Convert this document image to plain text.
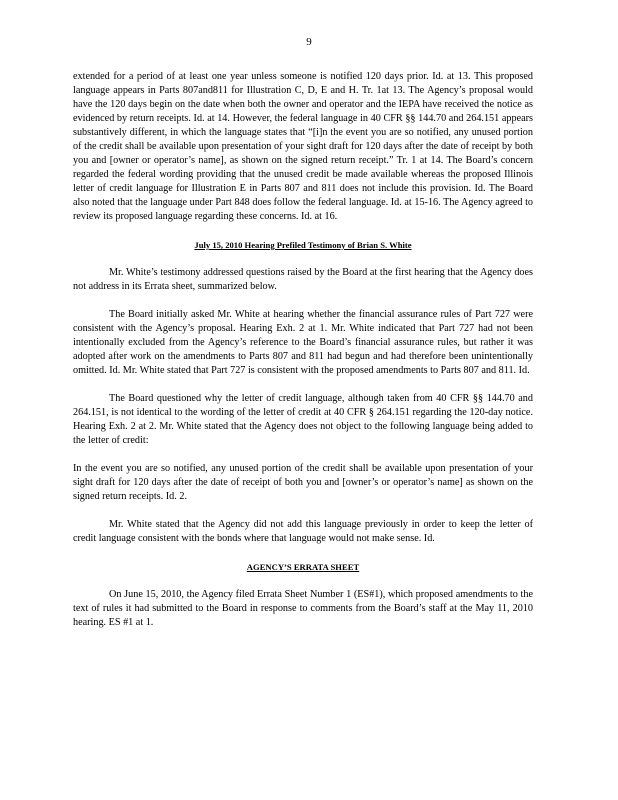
9

extended for a period of at least one year unless someone is notified 120 days prior. Id. at 13. This proposed language appears in Parts 807and811 for Illustration C, D, E and H. Tr. 1at 13. The Agency’s proposal would have the 120 days begin on the date when both the owner and operator and the IEPA have received the notice as evidenced by return receipts. Id. at 14. However, the federal language in 40 CFR §§ 144.70 and 264.151 appears substantively different, in which the language states that “[i]n the event you are so notified, any unused portion of the credit shall be available upon presentation of your sight draft for 120 days after the date of receipt by both you and [owner or operator’s name], as shown on the signed return receipt.” Tr. 1 at 14. The Board’s concern regarded the federal wording providing that the unused credit be made available whereas the proposed Illinois letter of credit language for Illustration E in Parts 807 and 811 does not include this provision. Id. The Board also noted that the language under Part 848 does follow the federal language. Id. at 15-16. The Agency agreed to review its proposed language regarding these concerns. Id. at 16.

July 15, 2010 Hearing Prefiled Testimony of Brian S. White

Mr. White’s testimony addressed questions raised by the Board at the first hearing that the Agency does not address in its Errata sheet, summarized below.

The Board initially asked Mr. White at hearing whether the financial assurance rules of Part 727 were consistent with the Agency’s proposal. Hearing Exh. 2 at 1. Mr. White indicated that Part 727 had not been intentionally excluded from the Agency’s reference to the Board’s financial assurance rules, but rather it was adopted after work on the amendments to Parts 807 and 811 had begun and had therefore been unintentionally omitted. Id. Mr. White stated that Part 727 is consistent with the proposed amendments to Parts 807 and 811. Id.

The Board questioned why the letter of credit language, although taken from 40 CFR §§ 144.70 and 264.151, is not identical to the wording of the letter of credit at 40 CFR § 264.151 regarding the 120-day notice. Hearing Exh. 2 at 2. Mr. White stated that the Agency does not object to the following language being added to the letter of credit:

In the event you are so notified, any unused portion of the credit shall be available upon presentation of your sight draft for 120 days after the date of receipt of both you and [owner’s or operator’s name] as shown on the signed return receipts. Id. 2.

Mr. White stated that the Agency did not add this language previously in order to keep the letter of credit language consistent with the bonds where that language would not make sense. Id.

AGENCY’S ERRATA SHEET

On June 15, 2010, the Agency filed Errata Sheet Number 1 (ES#1), which proposed amendments to the text of rules it had submitted to the Board in response to comments from the Board’s staff at the May 11, 2010 hearing. ES #1 at 1.
